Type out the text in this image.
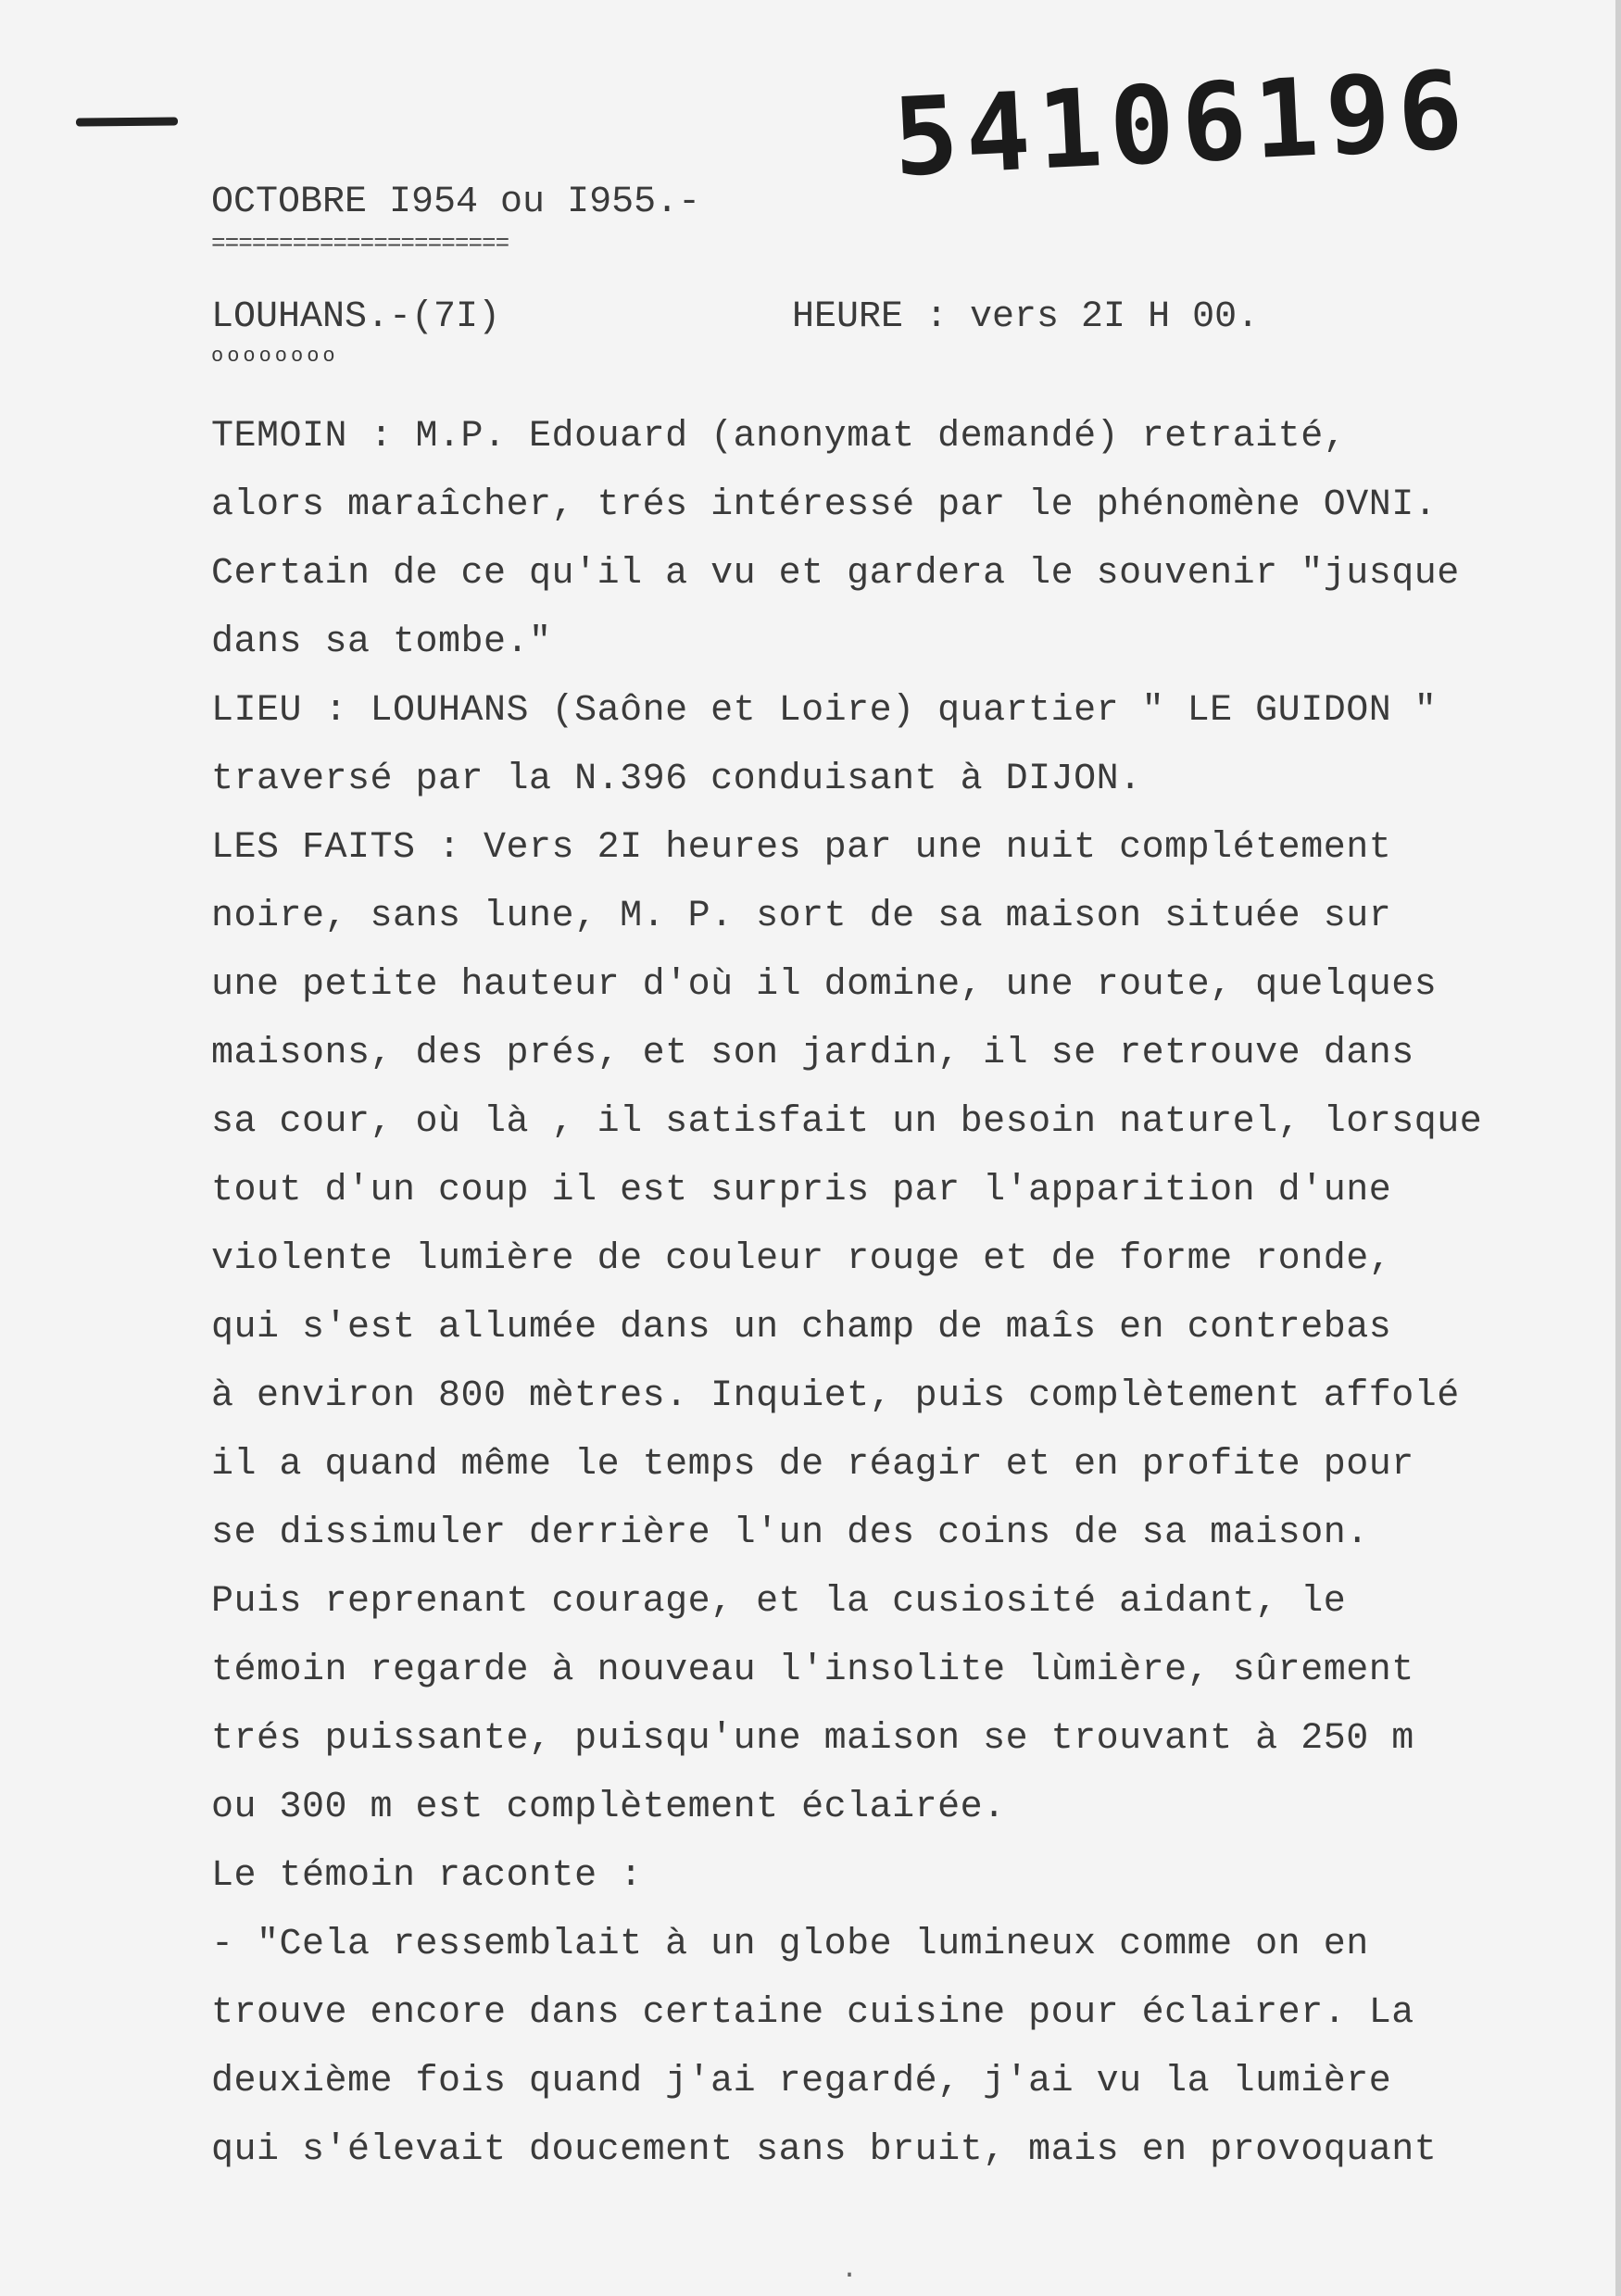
54106196
OCTOBRE I954 ou I955.-
======================
LOUHANS.-(7I)
oooooooo
HEURE : vers 2I H 00.
TEMOIN : M.P. Edouard (anonymat demandé) retraité,
alors maraîcher, trés intéressé par le phénomène OVNI.
Certain de ce qu'il a vu et gardera le souvenir "jusque
dans sa tombe."
LIEU : LOUHANS (Saône et Loire) quartier " LE GUIDON "
traversé par la N.396 conduisant à DIJON.
LES FAITS : Vers 2I heures par une nuit complétement
noire, sans lune, M. P. sort de sa maison située sur
une petite hauteur d'où il domine, une route, quelques
maisons, des prés, et son jardin, il se retrouve dans
sa cour, où là , il satisfait un besoin naturel, lorsque
tout d'un coup il est surpris par l'apparition d'une
violente lumière de couleur rouge et de forme ronde,
qui s'est allumée dans un champ de maîs en contrebas
à environ 800 mètres. Inquiet, puis complètement affolé
il a quand même le temps de réagir et en profite pour
se dissimuler derrière l'un des coins de sa maison.
Puis reprenant courage, et la cusiosité aidant, le
témoin regarde à nouveau l'insolite lùmière, sûrement
trés puissante, puisqu'une maison se trouvant à 250 m
ou 300 m est complètement éclairée.
Le témoin raconte :
- "Cela ressemblait à un globe lumineux comme on en
trouve encore dans certaine cuisine pour éclairer. La
deuxième fois quand j'ai regardé, j'ai vu la lumière
qui s'élevait doucement sans bruit, mais en provoquant
·
